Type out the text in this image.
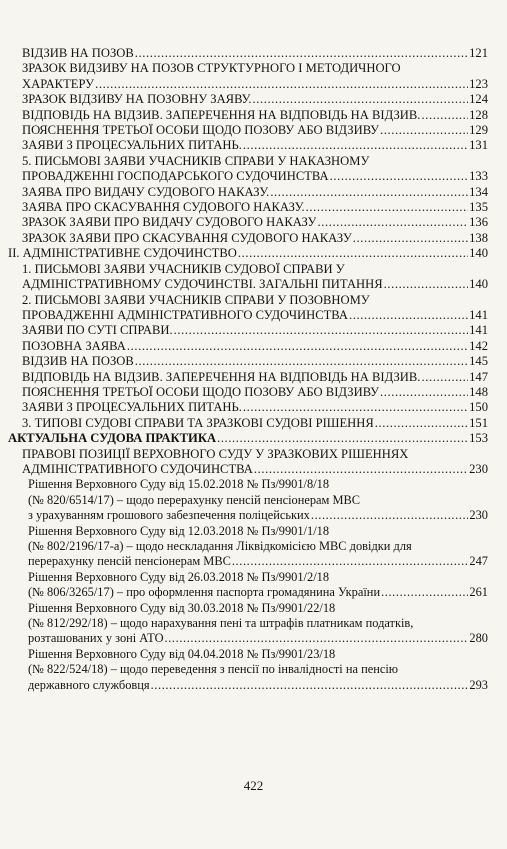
ВІДЗИВ НА ПОЗОВ .....	121
ЗРАЗОК ВИДЗИВУ НА ПОЗОВ СТРУКТУРНОГО І МЕТОДИЧНОГО
ХАРАКТЕРУ .....	123
ЗРАЗОК ВІДЗИВУ НА ПОЗОВНУ ЗАЯВУ. .....	124
ВІДПОВІДЬ НА ВІДЗИВ. ЗАПЕРЕЧЕННЯ НА ВІДПОВІДЬ НА ВІДЗИВ. .....	128
ПОЯСНЕННЯ ТРЕТЬОЇ ОСОБИ ЩОДО ПОЗОВУ АБО ВІДЗИВУ .....	129
ЗАЯВИ З ПРОЦЕСУАЛЬНИХ ПИТАНЬ. .....	131
5. ПИСЬМОВІ ЗАЯВИ УЧАСНИКІВ СПРАВИ У НАКАЗНОМУ
ПРОВАДЖЕННІ ГОСПОДАРСЬКОГО СУДОЧИНСТВА .....	133
ЗАЯВА ПРО ВИДАЧУ СУДОВОГО НАКАЗУ. .....	134
ЗАЯВА ПРО СКАСУВАННЯ СУДОВОГО НАКАЗУ. .....	135
ЗРАЗОК ЗАЯВИ ПРО ВИДАЧУ СУДОВОГО НАКАЗУ .....	136
ЗРАЗОК ЗАЯВИ ПРО СКАСУВАННЯ СУДОВОГО НАКАЗУ .....	138
ІІ. АДМІНІСТРАТИВНЕ СУДОЧИНСТВО .....	140
1. ПИСЬМОВІ ЗАЯВИ УЧАСНИКІВ СУДОВОЇ СПРАВИ У
АДМІНІСТРАТИВНОМУ СУДОЧИНСТВІ. ЗАГАЛЬНІ ПИТАННЯ .....	140
2. ПИСЬМОВІ ЗАЯВИ УЧАСНИКІВ СПРАВИ У ПОЗОВНОМУ
ПРОВАДЖЕННІ АДМІНІСТРАТИВНОГО СУДОЧИНСТВА .....	141
ЗАЯВИ ПО СУТІ СПРАВИ. .....	141
ПОЗОВНА ЗАЯВА .....	142
ВІДЗИВ НА ПОЗОВ .....	145
ВІДПОВІДЬ НА ВІДЗИВ. ЗАПЕРЕЧЕННЯ НА ВІДПОВІДЬ НА ВІДЗИВ. .....	147
ПОЯСНЕННЯ ТРЕТЬОЇ ОСОБИ ЩОДО ПОЗОВУ АБО ВІДЗИВУ .....	148
ЗАЯВИ З ПРОЦЕСУАЛЬНИХ ПИТАНЬ. .....	150
3. ТИПОВІ СУДОВІ СПРАВИ ТА ЗРАЗКОВІ СУДОВІ РІШЕННЯ .....	151
АКТУАЛЬНА СУДОВА ПРАКТИКА .....	153
ПРАВОВІ ПОЗИЦІЇ ВЕРХОВНОГО СУДУ У ЗРАЗКОВИХ РІШЕННЯХ
АДМІНІСТРАТИВНОГО СУДОЧИНСТВА .....	230
Рішення Верховного Суду від 15.02.2018 № Пз/9901/8/18
(№ 820/6514/17) – щодо перерахунку пенсій пенсіонерам МВС
з урахуванням грошового забезпечення поліцейських .....	230
Рішення Верховного Суду від 12.03.2018 № Пз/9901/1/18
(№ 802/2196/17-а) – щодо нескладання Ліквідкомісією МВС довідки для
перерахунку пенсій пенсіонерам МВС .....	247
Рішення Верховного Суду від 26.03.2018 № Пз/9901/2/18
(№ 806/3265/17) – про оформлення паспорта громадянина України .....	261
Рішення Верховного Суду від 30.03.2018 № Пз/9901/22/18
(№ 812/292/18) – щодо нарахування пені та штрафів платникам податків,
розташованих у зоні АТО .....	280
Рішення Верховного Суду від 04.04.2018 № Пз/9901/23/18
(№ 822/524/18) – щодо переведення з пенсії по інвалідності на пенсію
державного службовця .....	293
422
